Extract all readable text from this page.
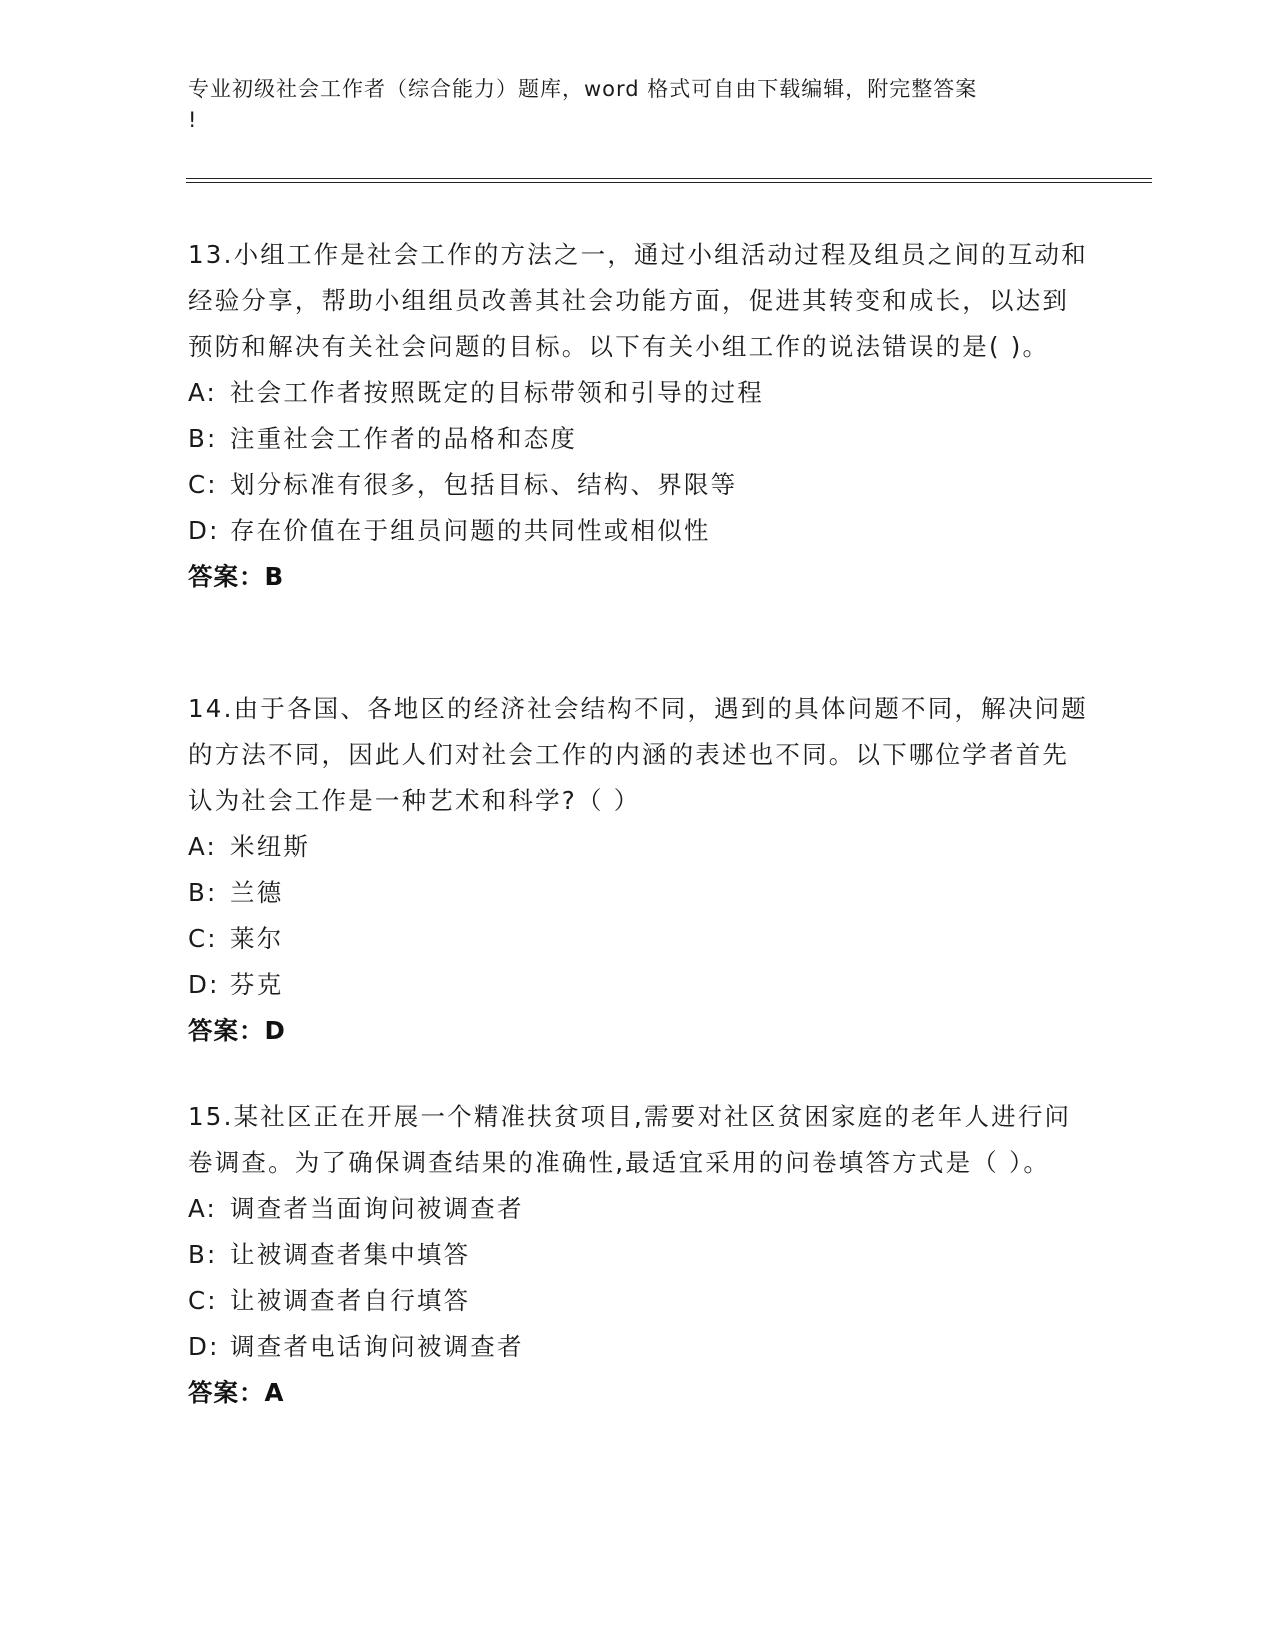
专业初级社会工作者（综合能力）题库，word 格式可自由下载编辑，附完整答案
!

13.小组工作是社会工作的方法之一，通过小组活动过程及组员之间的互动和经验分享，帮助小组组员改善其社会功能方面，促进其转变和成长，以达到预防和解决有关社会问题的目标。以下有关小组工作的说法错误的是( )。

A: 社会工作者按照既定的目标带领和引导的过程

B: 注重社会工作者的品格和态度

C: 划分标准有很多，包括目标、结构、界限等

D: 存在价值在于组员问题的共同性或相似性

答案：B

14.由于各国、各地区的经济社会结构不同，遇到的具体问题不同，解决问题的方法不同，因此人们对社会工作的内涵的表述也不同。以下哪位学者首先认为社会工作是一种艺术和科学?（ ）

A: 米纽斯

B: 兰德

C: 莱尔

D: 芬克

答案：D

15.某社区正在开展一个精准扶贫项目,需要对社区贫困家庭的老年人进行问卷调查。为了确保调查结果的准确性,最适宜采用的问卷填答方式是（ ）。

A: 调查者当面询问被调查者

B: 让被调查者集中填答

C: 让被调查者自行填答

D: 调查者电话询问被调查者

答案：A
